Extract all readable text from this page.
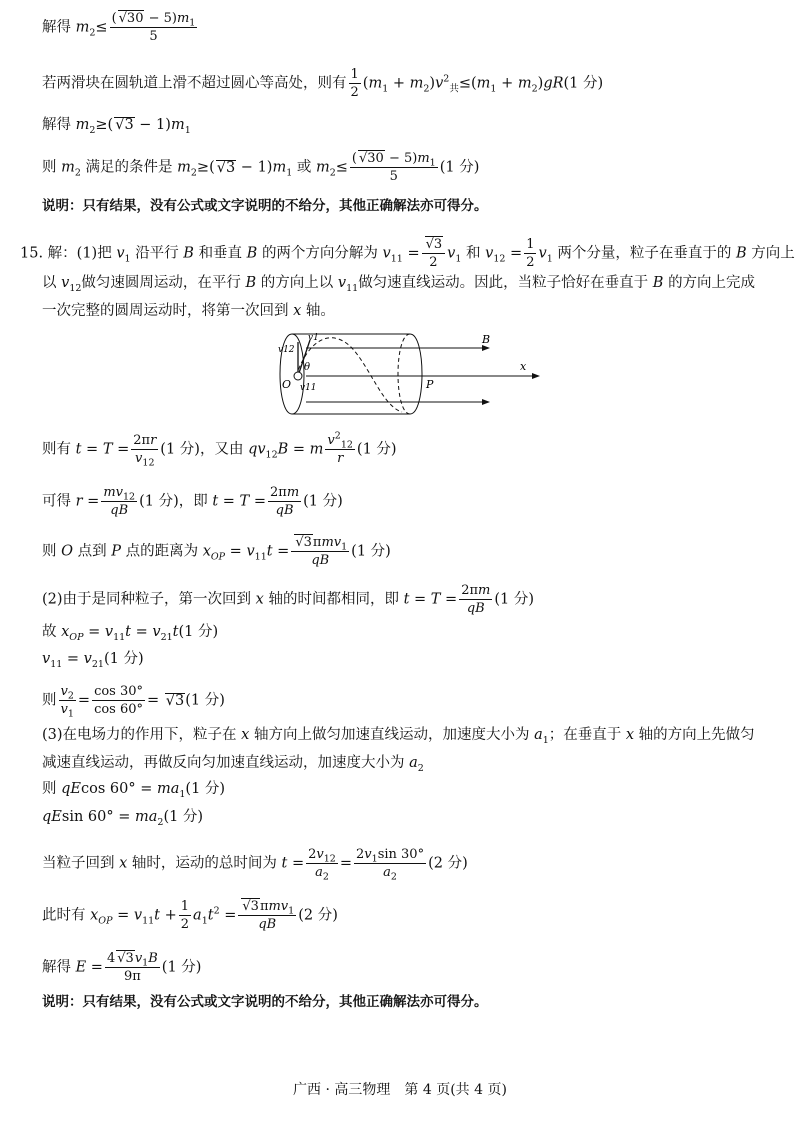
解得 $m_2\le \frac{( √30 - 5)m_1}{5}$
若两滑块在圆轨道上滑不超过圆心等高处，则有 $\frac{1}{2} (m_1 + m_2)v^2_共\le(m_1 + m_2)gR(1$ 分)
解得 $m_2\ge$( $√3 - 1)m_1$
则 $m_2$ 满足的条件是 $m_2\ge$( $√3 - 1)m_1$ 或 $m_2\le \frac{( √30 - 5)m_1}{5} (1$ 分)
说明：只有结果，没有公式或文字说明的不给分，其他正确解法亦可得分。
15. 解：(1)把 $v_1$ 沿平行 B 和垂直 B 的两个方向分解为 $v_{11} = \frac{√3}{2} v_1$ 和 $v_{12} = \frac{1}{2} v_1$ 两个分量，粒子在垂直于的 B 方向上
以 $v_{12}$做匀速圆周运动，在平行 B 的方向上以 $v_{11}$做匀速直线运动。因此，当粒子恰好在垂直于 B 的方向上完成
一次完整的圆周运动时，将第一次回到 x 轴。
v1
v12
θ
O v11	P
B
x
则有 $t = T = \frac{2\pi r}{v_{12}} (1$ 分)，又由 $qv_{12}B = m \frac{v^2_{12}}{r} (1$ 分)
可得 $r = \frac{mv_{12}}{qB} (1$ 分)，即 $t = T = \frac{2\pi m}{qB} (1$ 分)
则 O 点到 P 点的距离为 $x_{OP} = v_{11}t = \frac{√3\pi mv_1}{qB} (1$ 分)
(2)由于是同种粒子，第一次回到 x 轴的时间都相同，即 $t = T = \frac{2\pi m}{qB} (1$ 分)
故 $x_{OP} = v_{11}t = v_{21}t(1$ 分)
$v_{11} = v_{21}(1$ 分)
则 $\frac{v_2}{v_1} = \frac{\cos 30^\circ}{\cos 60^\circ} = √3(1$ 分)
(3)在电场力的作用下，粒子在 x 轴方向上做匀加速直线运动，加速度大小为 $a_1$；在垂直于 x 轴的方向上先做匀
减速直线运动，再做反向匀加速直线运动，加速度大小为 $a_2$
则 qEcos $60^\circ = ma_1(1$ 分)
qEsin $60^\circ = ma_2(1$ 分)
当粒子回到 x 轴时，运动的总时间为 $t = \frac{2v_{12}}{a_2} = \frac{2v_1\sin 30^\circ}{a_2} (2$ 分)
此时有 $x_{OP} = v_{11}t + \frac{1}{2} a_1t^2 = \frac{√3\pi mv_1}{qB} (2$ 分)
解得 $E = \frac{4 √3v_1B}{9\pi} (1$ 分)
说明：只有结果，没有公式或文字说明的不给分，其他正确解法亦可得分。
广西 · 高三物理　第 4 页(共 4 页)
